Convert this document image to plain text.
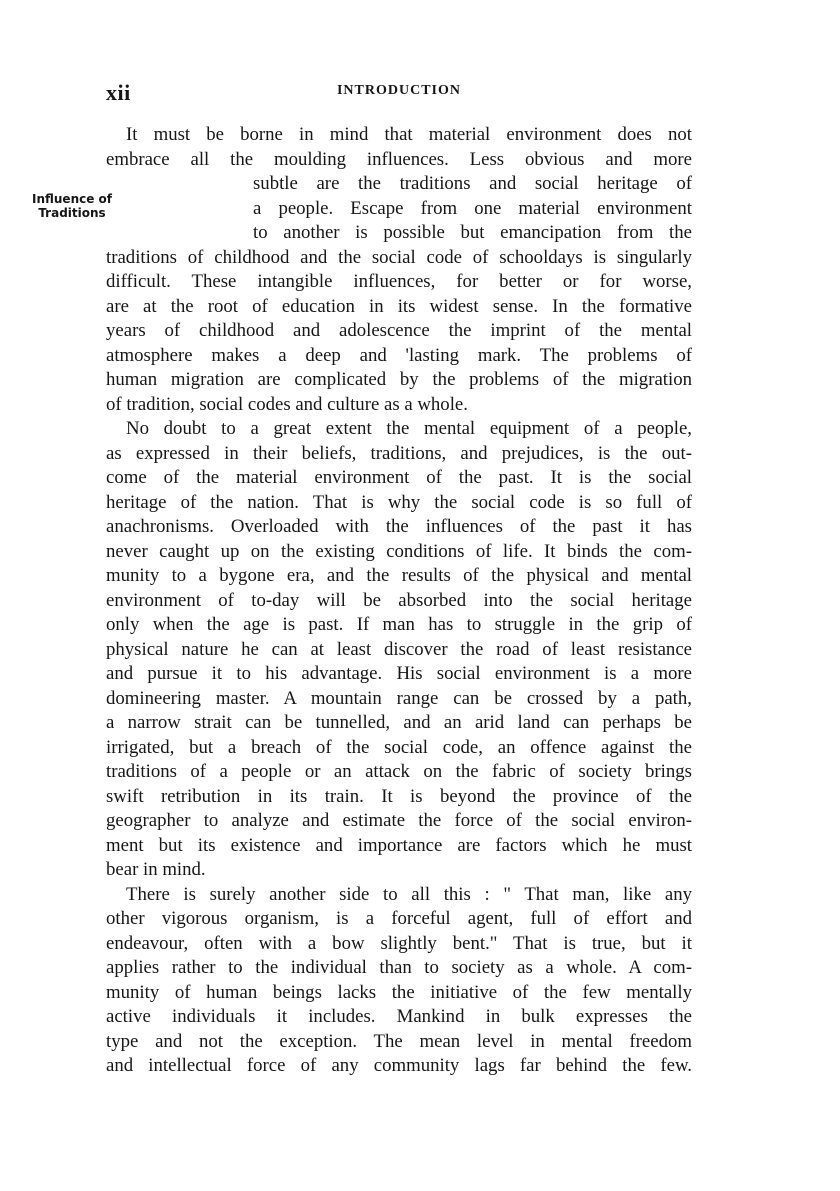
xii	INTRODUCTION
Influence of
Traditions
It must be borne in mind that material environment does not
embrace all the moulding influences. Less obvious and more
subtle are the traditions and social heritage of
a people. Escape from one material environment
to another is possible but emancipation from the
traditions of childhood and the social code of schooldays is singularly
difficult. These intangible influences, for better or for worse,
are at the root of education in its widest sense. In the formative
years of childhood and adolescence the imprint of the mental
atmosphere makes a deep and 'lasting mark. The problems of
human migration are complicated by the problems of the migration
of tradition, social codes and culture as a whole.
No doubt to a great extent the mental equipment of a people,
as expressed in their beliefs, traditions, and prejudices, is the out-
come of the material environment of the past. It is the social
heritage of the nation. That is why the social code is so full of
anachronisms. Overloaded with the influences of the past it has
never caught up on the existing conditions of life. It binds the com-
munity to a bygone era, and the results of the physical and mental
environment of to-day will be absorbed into the social heritage
only when the age is past. If man has to struggle in the grip of
physical nature he can at least discover the road of least resistance
and pursue it to his advantage. His social environment is a more
domineering master. A mountain range can be crossed by a path,
a narrow strait can be tunnelled, and an arid land can perhaps be
irrigated, but a breach of the social code, an offence against the
traditions of a people or an attack on the fabric of society brings
swift retribution in its train. It is beyond the province of the
geographer to analyze and estimate the force of the social environ-
ment but its existence and importance are factors which he must
bear in mind.
There is surely another side to all this : " That man, like any
other vigorous organism, is a forceful agent, full of effort and
endeavour, often with a bow slightly bent." That is true, but it
applies rather to the individual than to society as a whole. A com-
munity of human beings lacks the initiative of the few mentally
active individuals it includes. Mankind in bulk expresses the
type and not the exception. The mean level in mental freedom
and intellectual force of any community lags far behind the few.
